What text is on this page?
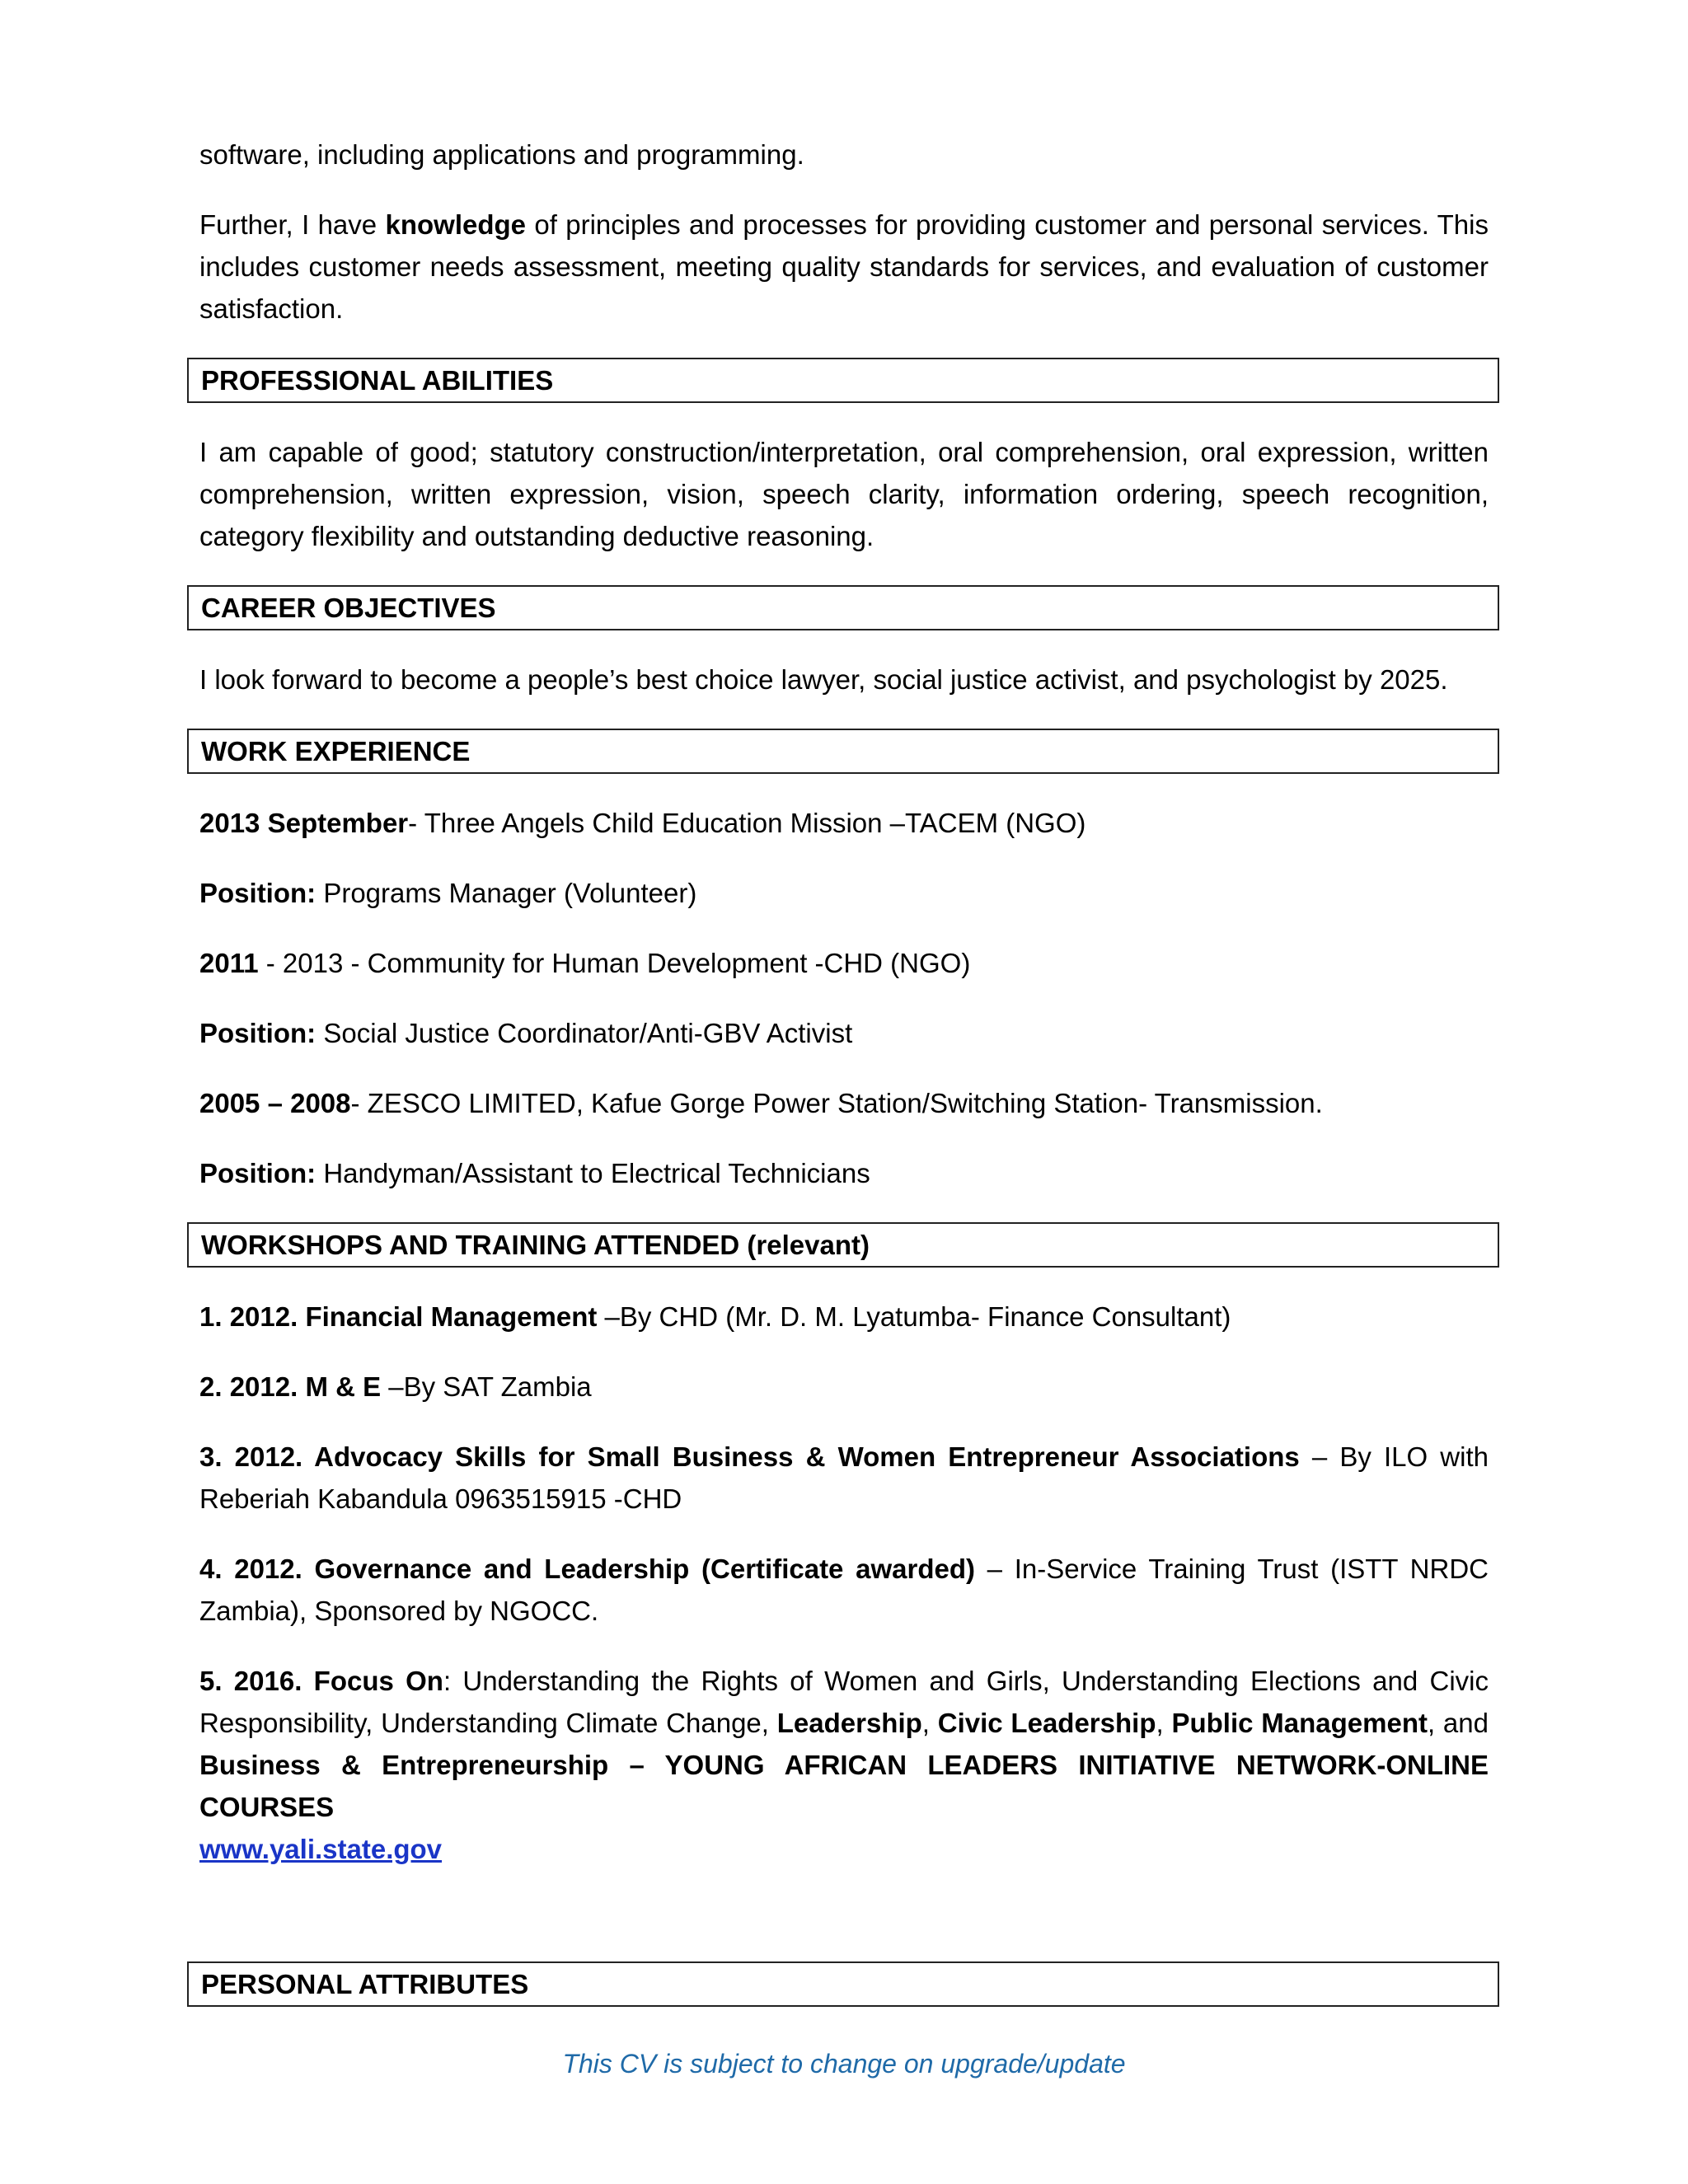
software, including applications and programming.

Further, I have knowledge of principles and processes for providing customer and personal services. This includes customer needs assessment, meeting quality standards for services, and evaluation of customer satisfaction.

PROFESSIONAL ABILITIES

I am capable of good; statutory construction/interpretation, oral comprehension, oral expression, written comprehension, written expression, vision, speech clarity, information ordering, speech recognition, category flexibility and outstanding deductive reasoning.

CAREER OBJECTIVES

I look forward to become a people’s best choice lawyer, social justice activist, and psychologist by 2025.

WORK EXPERIENCE

2013 September- Three Angels Child Education Mission –TACEM (NGO)

Position: Programs Manager (Volunteer)

2011 - 2013 - Community for Human Development -CHD (NGO)

Position: Social Justice Coordinator/Anti-GBV Activist

2005 – 2008- ZESCO LIMITED, Kafue Gorge Power Station/Switching Station- Transmission.

Position: Handyman/Assistant to Electrical Technicians

WORKSHOPS AND TRAINING ATTENDED (relevant)

1. 2012. Financial Management –By CHD (Mr. D. M. Lyatumba- Finance Consultant)

2. 2012. M & E –By SAT Zambia

3. 2012. Advocacy Skills for Small Business & Women Entrepreneur Associations – By ILO with Reberiah Kabandula 0963515915 -CHD

4. 2012. Governance and Leadership (Certificate awarded) – In-Service Training Trust (ISTT NRDC Zambia), Sponsored by NGOCC.

5. 2016. Focus On: Understanding the Rights of Women and Girls, Understanding Elections and Civic Responsibility, Understanding Climate Change, Leadership, Civic Leadership, Public Management, and Business & Entrepreneurship – YOUNG AFRICAN LEADERS INITIATIVE NETWORK-ONLINE COURSES
www.yali.state.gov

PERSONAL ATTRIBUTES
This CV is subject to change on upgrade/update
